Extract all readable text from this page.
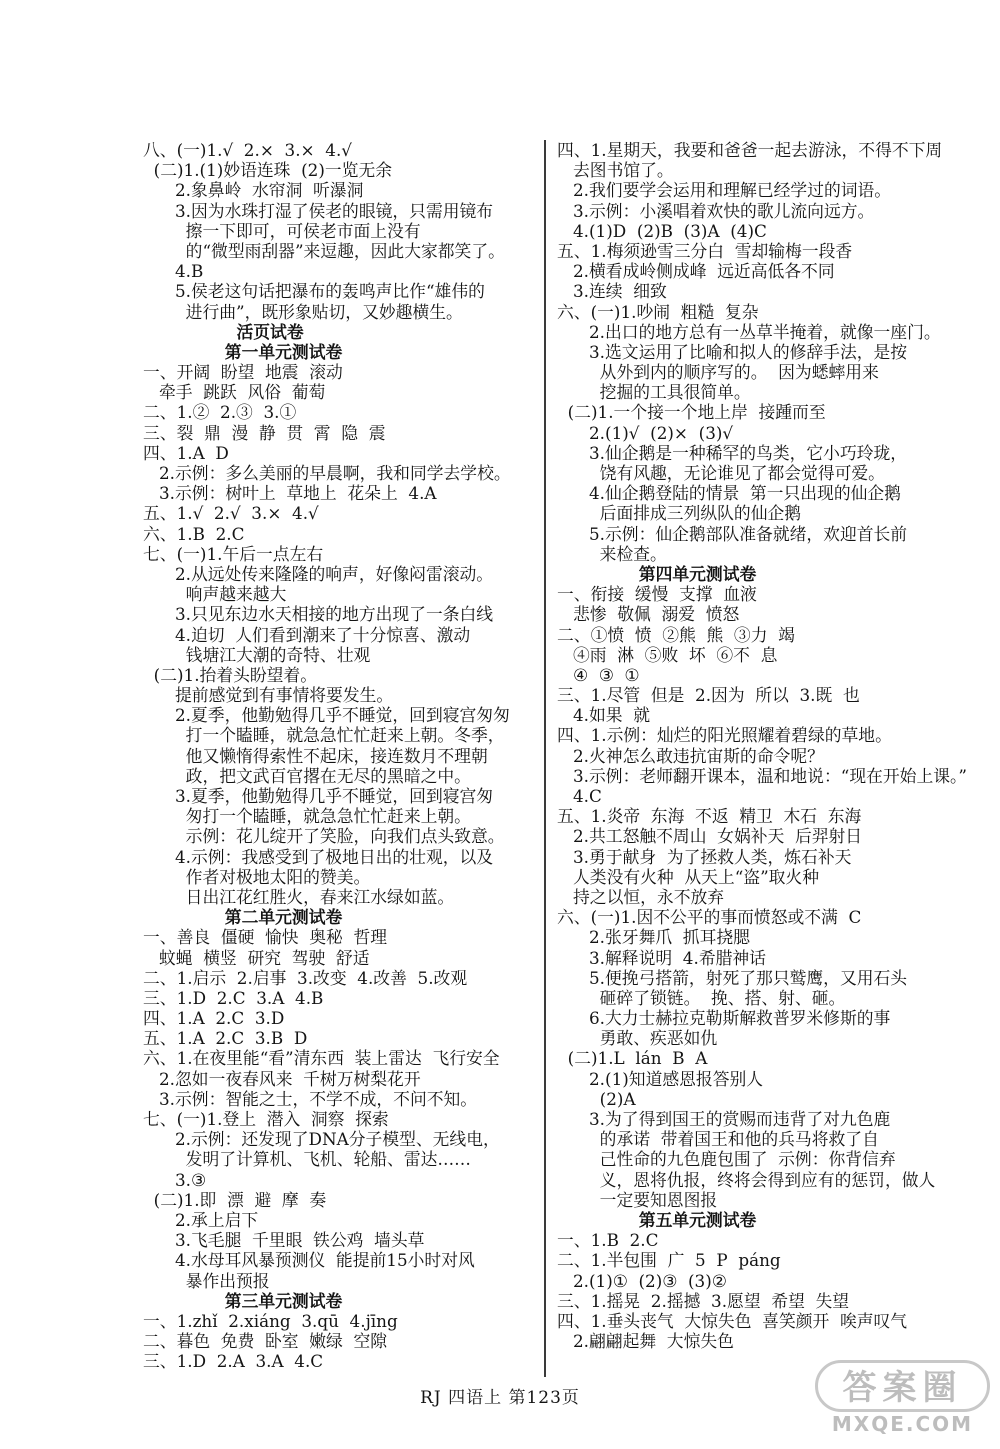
八、(一)1.√  2.×  3.×  4.√
(二)1.(1)妙语连珠  (2)一览无余
2.象鼻岭  水帘洞  听瀑洞
3.因为水珠打湿了侯老的眼镜，只需用镜布
擦一下即可，可侯老市面上没有
的“微型雨刮器”来逗趣，因此大家都笑了。
4.B
5.侯老这句话把瀑布的轰鸣声比作“雄伟的
进行曲”，既形象贴切，又妙趣横生。
活页试卷
第一单元测试卷
一、开阔  盼望  地震  滚动
牵手  跳跃  风俗  葡萄
二、1.②  2.③  3.①
三、裂  鼎  漫  静  贯  霄  隐  震
四、1.A  D
2.示例：多么美丽的早晨啊，我和同学去学校。
3.示例：树叶上  草地上  花朵上  4.A
五、1.√  2.√  3.×  4.√
六、1.B  2.C
七、(一)1.午后一点左右
2.从远处传来隆隆的响声，好像闷雷滚动。
响声越来越大
3.只见东边水天相接的地方出现了一条白线
4.迫切  人们看到潮来了十分惊喜、激动
钱塘江大潮的奇特、壮观
(二)1.抬着头盼望着。
提前感觉到有事情将要发生。
2.夏季，他勤勉得几乎不睡觉，回到寝宫匆匆
打一个瞌睡，就急急忙忙赶来上朝。冬季，
他又懒惰得索性不起床，接连数月不理朝
政，把文武百官撂在无尽的黑暗之中。
3.夏季，他勤勉得几乎不睡觉，回到寝宫匆
匆打一个瞌睡，就急急忙忙赶来上朝。
示例：花儿绽开了笑脸，向我们点头致意。
4.示例：我感受到了极地日出的壮观，以及
作者对极地太阳的赞美。
日出江花红胜火，春来江水绿如蓝。
第二单元测试卷
一、善良  僵硬  愉快  奥秘  哲理
蚊蝇  横竖  研究  驾驶  舒适
二、1.启示  2.启事  3.改变  4.改善  5.改观
三、1.D  2.C  3.A  4.B
四、1.A  2.C  3.D
五、1.A  2.C  3.B  D
六、1.在夜里能“看”清东西  装上雷达  飞行安全
2.忽如一夜春风来  千树万树梨花开
3.示例：智能之士，不学不成，不问不知。
七、(一)1.登上  潜入  洞察  探索
2.示例：还发现了DNA分子模型、无线电，
发明了计算机、飞机、轮船、雷达……
3.③
(二)1.即  漂  避  摩  奏
2.承上启下
3.飞毛腿  千里眼  铁公鸡  墙头草
4.水母耳风暴预测仪  能提前15小时对风
暴作出预报
第三单元测试卷
一、1.zhǐ  2.xiáng  3.qū  4.jīng
二、暮色  免费  卧室  嫩绿  空隙
三、1.D  2.A  3.A  4.C
四、1.星期天，我要和爸爸一起去游泳，不得不下周
去图书馆了。
2.我们要学会运用和理解已经学过的词语。
3.示例：小溪唱着欢快的歌儿流向远方。
4.(1)D  (2)B  (3)A  (4)C
五、1.梅须逊雪三分白  雪却输梅一段香
2.横看成岭侧成峰  远近高低各不同
3.连续  细致
六、(一)1.吵闹  粗糙  复杂
2.出口的地方总有一丛草半掩着，就像一座门。
3.选文运用了比喻和拟人的修辞手法，是按
从外到内的顺序写的。  因为蟋蟀用来
挖掘的工具很简单。
(二)1.一个接一个地上岸  接踵而至
2.(1)√  (2)×  (3)√
3.仙企鹅是一种稀罕的鸟类，它小巧玲珑，
饶有风趣，无论谁见了都会觉得可爱。
4.仙企鹅登陆的情景  第一只出现的仙企鹅
后面排成三列纵队的仙企鹅
5.示例：仙企鹅部队准备就绪，欢迎首长前
来检查。
第四单元测试卷
一、衔接  缓慢  支撑  血液
悲惨  敬佩  溺爱  愤怒
二、①愤  愤  ②熊  熊  ③力  竭
④雨  淋  ⑤败  坏  ⑥不  息
④  ③  ①
三、1.尽管  但是  2.因为  所以  3.既  也
4.如果  就
四、1.示例：灿烂的阳光照耀着碧绿的草地。
2.火神怎么敢违抗宙斯的命令呢？
3.示例：老师翻开课本，温和地说：“现在开始上课。”
4.C
五、1.炎帝  东海  不返  精卫  木石  东海
2.共工怒触不周山  女娲补天  后羿射日
3.勇于献身  为了拯救人类，炼石补天
人类没有火种  从天上“盗”取火种
持之以恒，永不放弃
六、(一)1.因不公平的事而愤怒或不满  C
2.张牙舞爪  抓耳挠腮
3.解释说明  4.希腊神话
5.便挽弓搭箭，射死了那只鹫鹰，又用石头
砸碎了锁链。  挽、搭、射、砸。
6.大力士赫拉克勒斯解救普罗米修斯的事
勇敢、疾恶如仇
(二)1.L  lán  B  A
2.(1)知道感恩报答别人
(2)A
3.为了得到国王的赏赐而违背了对九色鹿
的承诺  带着国王和他的兵马将救了自
己性命的九色鹿包围了  示例：你背信弃
义，恩将仇报，终将会得到应有的惩罚，做人
一定要知恩图报
第五单元测试卷
一、1.B  2.C
二、1.半包围  广  5  P  páng
2.(1)①  (2)③  (3)②
三、1.摇晃  2.摇撼  3.愿望  希望  失望
四、1.垂头丧气  大惊失色  喜笑颜开  唉声叹气
2.翩翩起舞  大惊失色
RJ 四语上 第123页	答案圈
MXQE.COM
